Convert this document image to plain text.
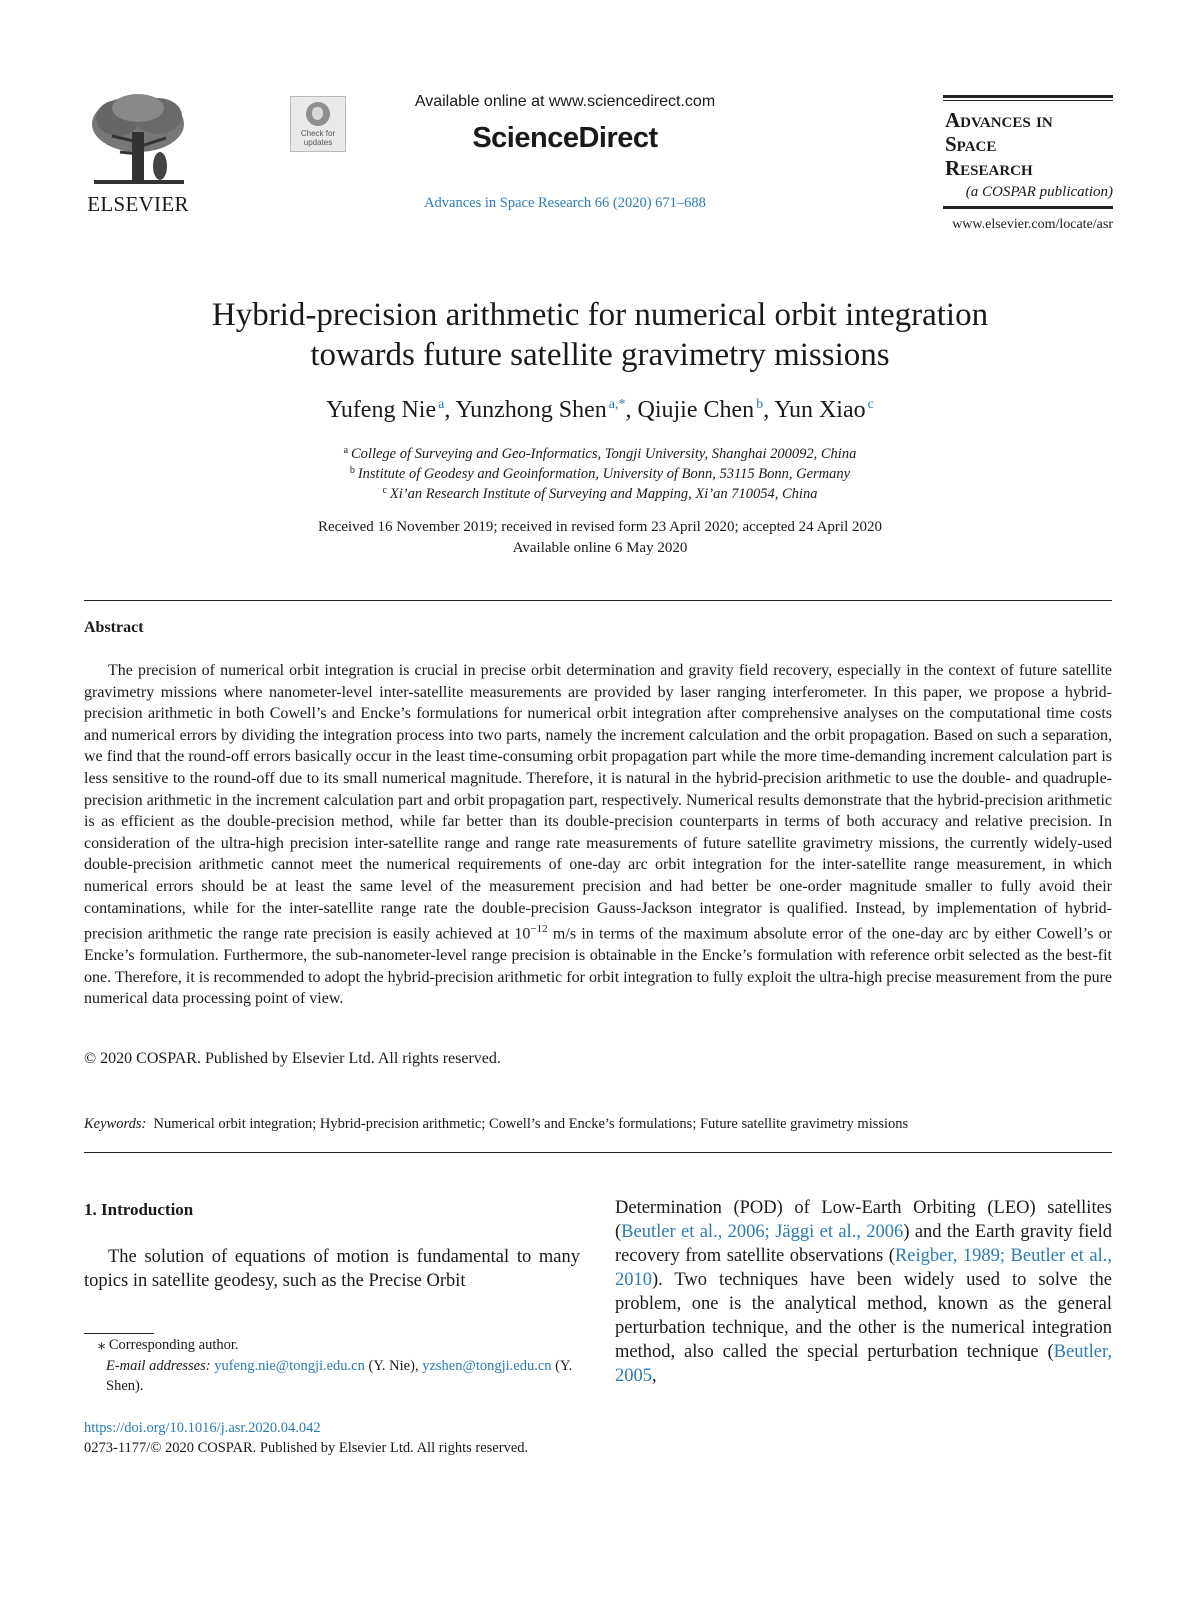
ELSEVIER
Check for updates
Available online at www.sciencedirect.com
ScienceDirect
Advances in Space Research 66 (2020) 671–688
Advances in
Space
Research
(a COSPAR publication)
www.elsevier.com/locate/asr
Hybrid-precision arithmetic for numerical orbit integration
towards future satellite gravimetry missions
Yufeng Nie  $^a$, Yunzhong Shen  $^{a,*}$, Qiujie Chen  $^b$, Yun Xiao  $^c$
$^a$  College of Surveying and Geo-Informatics, Tongji University, Shanghai 200092, China
$^b$  Institute of Geodesy and Geoinformation, University of Bonn, 53115 Bonn, Germany
$^c$  Xi’an Research Institute of Surveying and Mapping, Xi’an 710054, China
Received 16 November 2019; received in revised form 23 April 2020; accepted 24 April 2020
Available online 6 May 2020
Abstract
The precision of numerical orbit integration is crucial in precise orbit determination and gravity field recovery, especially in the context of future satellite gravimetry missions where nanometer-level inter-satellite measurements are provided by laser ranging interferometer. In this paper, we propose a hybrid-precision arithmetic in both Cowell’s and Encke’s formulations for numerical orbit integration after comprehensive analyses on the computational time costs and numerical errors by dividing the integration process into two parts, namely the increment calculation and the orbit propagation. Based on such a separation, we find that the round-off errors basically occur in the least time-consuming orbit propagation part while the more time-demanding increment calculation part is less sensitive to the round-off due to its small numerical magnitude. Therefore, it is natural in the hybrid-precision arithmetic to use the double- and quadruple-precision arithmetic in the increment calculation part and orbit propagation part, respectively. Numerical results demonstrate that the hybrid-precision arithmetic is as efficient as the double-precision method, while far better than its double-precision counterparts in terms of both accuracy and relative precision. In consideration of the ultra-high precision inter-satellite range and range rate measurements of future satellite gravimetry missions, the currently widely-used double-precision arithmetic cannot meet the numerical requirements of one-day arc orbit integration for the inter-satellite range measurement, in which numerical errors should be at least the same level of the measurement precision and had better be one-order magnitude smaller to fully avoid their contaminations, while for the inter-satellite range rate the double-precision Gauss-Jackson integrator is qualified. Instead, by implementation of hybrid-precision arithmetic the range rate precision is easily achieved at $10^{-12}$ m/s in terms of the maximum absolute error of the one-day arc by either Cowell’s or Encke’s formulation. Furthermore, the sub-nanometer-level range precision is obtainable in the Encke’s formulation with reference orbit selected as the best-fit one. Therefore, it is recommended to adopt the hybrid-precision arithmetic for orbit integration to fully exploit the ultra-high precise measurement from the pure numerical data processing point of view.
© 2020 COSPAR. Published by Elsevier Ltd. All rights reserved.
Keywords: Numerical orbit integration; Hybrid-precision arithmetic; Cowell’s and Encke’s formulations; Future satellite gravimetry missions
1. Introduction
The solution of equations of motion is fundamental to many topics in satellite geodesy, such as the Precise Orbit
Determination (POD) of Low-Earth Orbiting (LEO) satellites (Beutler et al., 2006; Jäggi et al., 2006) and the Earth gravity field recovery from satellite observations (Reigber, 1989; Beutler et al., 2010). Two techniques have been widely used to solve the problem, one is the analytical method, known as the general perturbation technique, and the other is the numerical integration method, also called the special perturbation technique (Beutler, 2005,
⁎ Corresponding author.
E-mail addresses: yufeng.nie@tongji.edu.cn (Y. Nie), yzshen@tongji.edu.cn (Y. Shen).
https://doi.org/10.1016/j.asr.2020.04.042
0273-1177/© 2020 COSPAR. Published by Elsevier Ltd. All rights reserved.
